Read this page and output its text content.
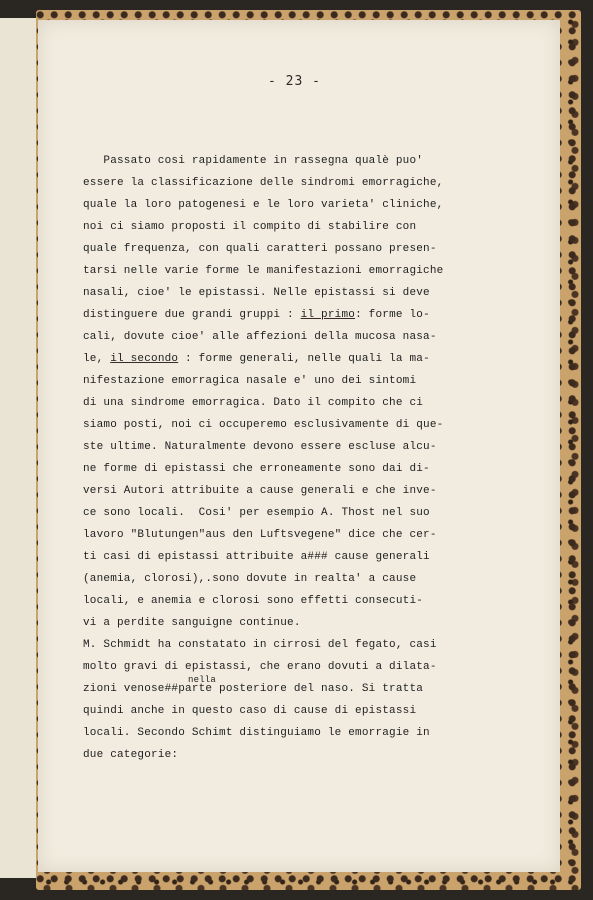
- 23 -
Passato cosi rapidamente in rassegna qualè puo'
essere la classificazione delle sindromi emorragiche,
quale la loro patogenesi e le loro varieta' cliniche,
noi ci siamo proposti il compito di stabilire con
quale frequenza, con quali caratteri possano presen-
tarsi nelle varie forme le manifestazioni emorragiche
nasali, cioe' le epistassi. Nelle epistassi si deve
distinguere due grandi gruppi : il primo: forme lo-
cali, dovute cioe' alle affezioni della mucosa nasa-
le, il secondo : forme generali, nelle quali la ma-
nifestazione emorragica nasale e' uno dei sintomi
di una sindrome emorragica. Dato il compito che ci
siamo posti, noi ci occuperemo esclusivamente di que-
ste ultime. Naturalmente devono essere escluse alcu-
ne forme di epistassi che erroneamente sono dai di-
versi Autori attribuite a cause generali e che inve-
ce sono locali.  Cosi' per esempio A. Thost nel suo
lavoro "Blutungen"aus den Luftsvegene" dice che cer-
ti casi di epistassi attribuite a### cause generali
(anemia, clorosi),.sono dovute in realta' a cause
locali, e anemia e clorosi sono effetti consecuti-
vi a perdite sanguigne continue.
M. Schmidt ha constatato in cirrosi del fegato, casi
molto gravi di epistassi, che erano dovuti a dilata-
nella
zioni venose##parte posteriore del naso. Si tratta
quindi anche in questo caso di cause di epistassi
locali. Secondo Schimt distinguiamo le emorragie in
due categorie:
